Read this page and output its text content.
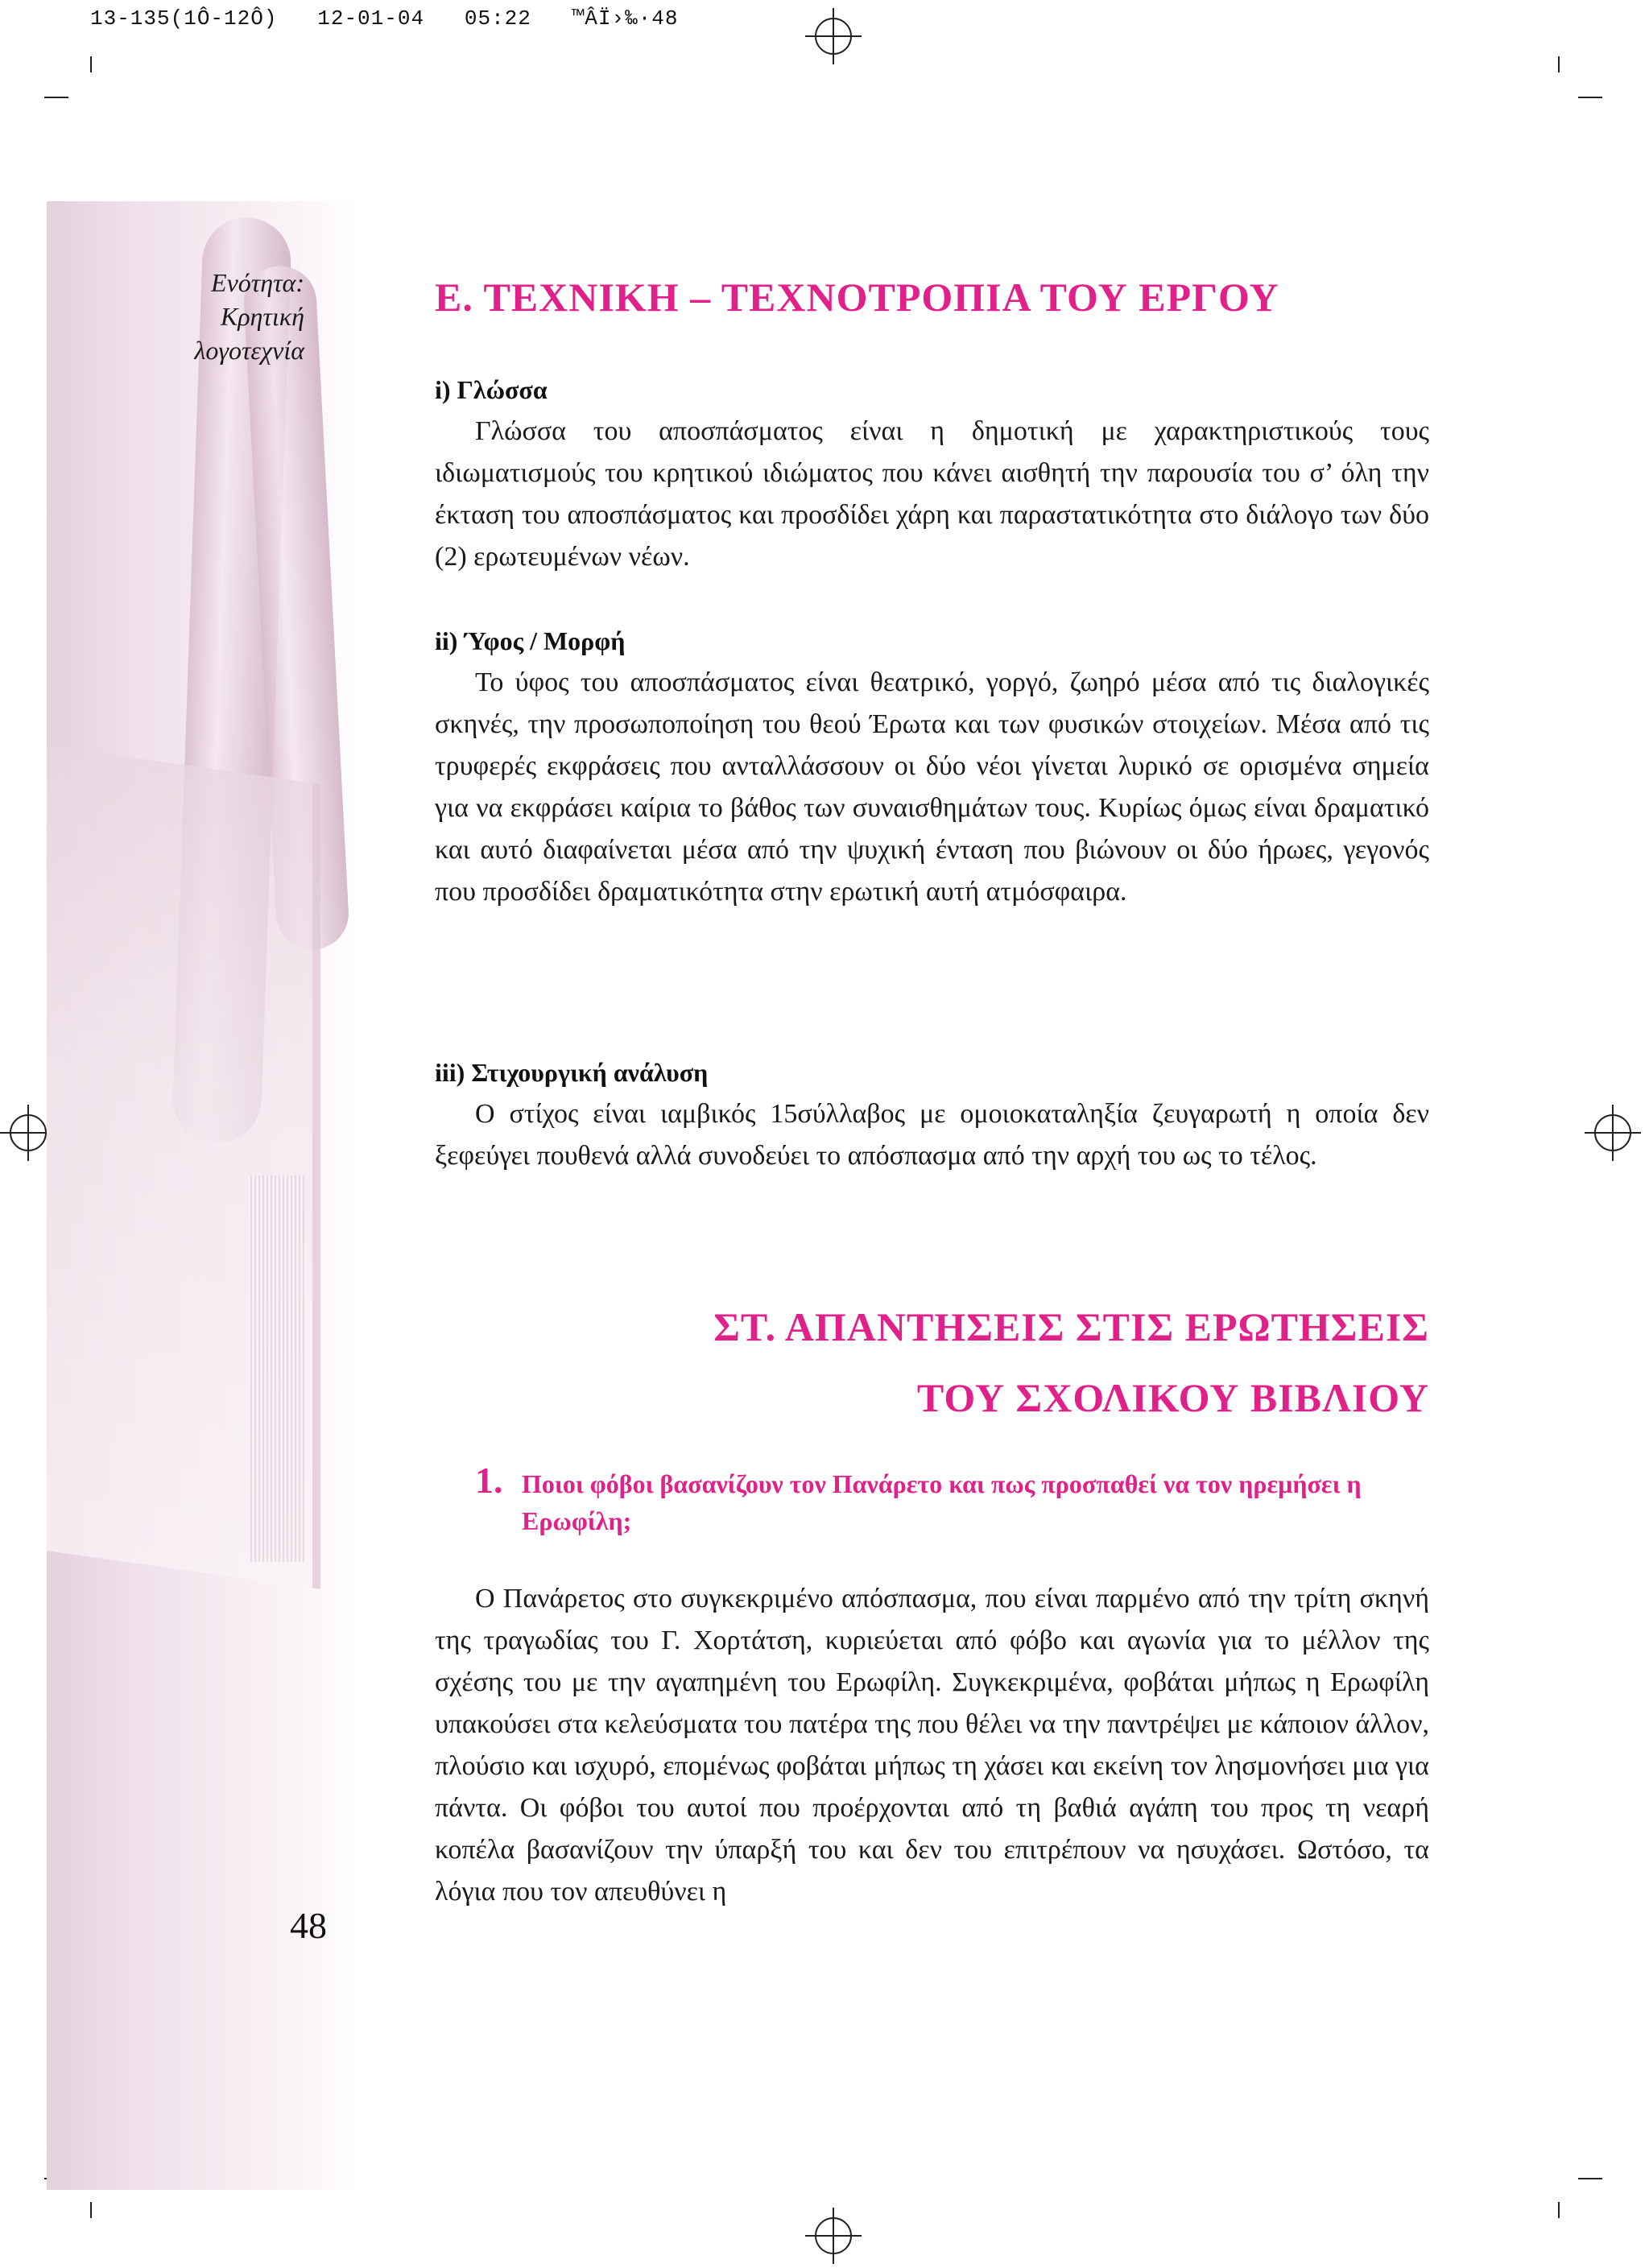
13-135(1Ô-12Ô)   12-01-04   05:22   ™ÂÏ›‰·48
Ενότητα:
Κρητική
λογοτεχνία
48
Ε. ΤΕΧΝΙΚΗ – ΤΕΧΝΟΤΡΟΠΙΑ ΤΟΥ ΕΡΓΟΥ
i) Γλώσσα
Γλώσσα του αποσπάσματος είναι η δημοτική με χαρακτηριστικούς τους ιδιωματισμούς του κρητικού ιδιώματος που κάνει αισθητή την παρουσία του σ’ όλη την έκταση του αποσπάσματος και προσδίδει χάρη και παραστατικότητα στο διάλογο των δύο (2) ερωτευμένων νέων.
ii) Ύφος / Μορφή
Το ύφος του αποσπάσματος είναι θεατρικό, γοργό, ζωηρό μέσα από τις διαλογικές σκηνές, την προσωποποίηση του θεού Έρωτα και των φυσικών στοιχείων. Μέσα από τις τρυφερές εκφράσεις που ανταλλάσσουν οι δύο νέοι γίνεται λυρικό σε ορισμένα σημεία για να εκφράσει καίρια το βάθος των συναισθημάτων τους. Κυρίως όμως είναι δραματικό και αυτό διαφαίνεται μέσα από την ψυχική ένταση που βιώνουν οι δύο ήρωες, γεγονός που προσδίδει δραματικότητα στην ερωτική αυτή ατμόσφαιρα.
iii) Στιχουργική ανάλυση
Ο στίχος είναι ιαμβικός 15σύλλαβος με ομοιοκαταληξία ζευγαρωτή η οποία δεν ξεφεύγει πουθενά αλλά συνοδεύει το απόσπασμα από την αρχή του ως το τέλος.
ΣΤ. ΑΠΑΝΤΗΣΕΙΣ ΣΤΙΣ ΕΡΩΤΗΣΕΙΣ
ΤΟΥ ΣΧΟΛΙΚΟΥ ΒΙΒΛΙΟΥ
1. Ποιοι φόβοι βασανίζουν τον Πανάρετο και πως προσπαθεί να τον ηρεμήσει η Ερωφίλη;
Ο Πανάρετος στο συγκεκριμένο απόσπασμα, που είναι παρμένο από την τρίτη σκηνή της τραγωδίας του Γ. Χορτάτση, κυριεύεται από φόβο και αγωνία για το μέλλον της σχέσης του με την αγαπημένη του Ερωφίλη. Συγκεκριμένα, φοβάται μήπως η Ερωφίλη υπακούσει στα κελεύσματα του πατέρα της που θέλει να την παντρέψει με κάποιον άλλον, πλούσιο και ισχυρό, επομένως φοβάται μήπως τη χάσει και εκείνη τον λησμονήσει μια για πάντα. Οι φόβοι του αυτοί που προέρχονται από τη βαθιά αγάπη του προς τη νεαρή κοπέλα βασανίζουν την ύπαρξή του και δεν του επιτρέπουν να ησυχάσει. Ωστόσο, τα λόγια που τον απευθύνει η
